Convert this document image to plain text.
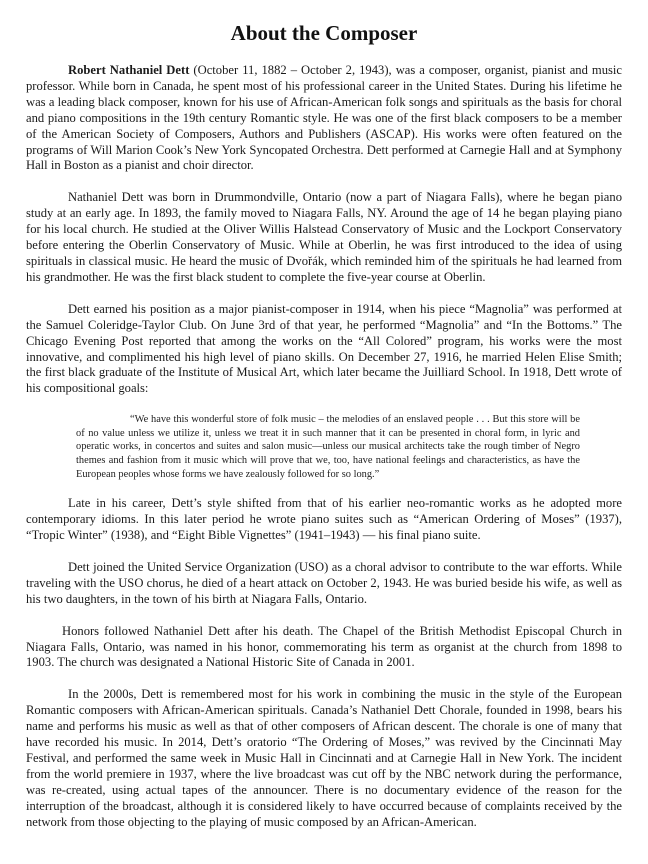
About the Composer

Robert Nathaniel Dett (October 11, 1882 – October 2, 1943), was a composer, organist, pianist and music professor. While born in Canada, he spent most of his professional career in the United States. During his lifetime he was a leading black composer, known for his use of African-American folk songs and spirituals as the basis for choral and piano compositions in the 19th century Romantic style. He was one of the first black composers to be a member of the American Society of Composers, Authors and Publishers (ASCAP). His works were often featured on the programs of Will Marion Cook’s New York Syncopated Orchestra. Dett performed at Carnegie Hall and at Symphony Hall in Boston as a pianist and choir director.

Nathaniel Dett was born in Drummondville, Ontario (now a part of Niagara Falls), where he began piano study at an early age. In 1893, the family moved to Niagara Falls, NY. Around the age of 14 he began playing piano for his local church. He studied at the Oliver Willis Halstead Conservatory of Music and the Lockport Conservatory before entering the Oberlin Conservatory of Music. While at Oberlin, he was first introduced to the idea of using spirituals in classical music. He heard the music of Dvořák, which reminded him of the spirituals he had learned from his grandmother. He was the first black student to complete the five-year course at Oberlin.

Dett earned his position as a major pianist-composer in 1914, when his piece “Magnolia” was performed at the Samuel Coleridge-Taylor Club. On June 3rd of that year, he performed “Magnolia” and “In the Bottoms.” The Chicago Evening Post reported that among the works on the “All Colored” program, his works were the most innovative, and complimented his high level of piano skills. On December 27, 1916, he married Helen Elise Smith; the first black graduate of the Institute of Musical Art, which later became the Juilliard School. In 1918, Dett wrote of his compositional goals:

“We have this wonderful store of folk music – the melodies of an enslaved people . . . But this store will be of no value unless we utilize it, unless we treat it in such manner that it can be presented in choral form, in lyric and operatic works, in concertos and suites and salon music—unless our musical architects take the rough timber of Negro themes and fashion from it music which will prove that we, too, have national feelings and characteristics, as have the European peoples whose forms we have zealously followed for so long.”

Late in his career, Dett’s style shifted from that of his earlier neo-romantic works as he adopted more contemporary idioms. In this later period he wrote piano suites such as “American Ordering of Moses” (1937), “Tropic Winter” (1938), and “Eight Bible Vignettes” (1941–1943) — his final piano suite.

Dett joined the United Service Organization (USO) as a choral advisor to contribute to the war efforts. While traveling with the USO chorus, he died of a heart attack on October 2, 1943. He was buried beside his wife, as well as his two daughters, in the town of his birth at Niagara Falls, Ontario.

Honors followed Nathaniel Dett after his death. The Chapel of the British Methodist Episcopal Church in Niagara Falls, Ontario, was named in his honor, commemorating his term as organist at the church from 1898 to 1903. The church was designated a National Historic Site of Canada in 2001.

In the 2000s, Dett is remembered most for his work in combining the music in the style of the European Romantic composers with African-American spirituals. Canada’s Nathaniel Dett Chorale, founded in 1998, bears his name and performs his music as well as that of other composers of African descent. The chorale is one of many that have recorded his music. In 2014, Dett’s oratorio “The Ordering of Moses,” was revived by the Cincinnati May Festival, and performed the same week in Music Hall in Cincinnati and at Carnegie Hall in New York. The incident from the world premiere in 1937, where the live broadcast was cut off by the NBC network during the performance, was re-created, using actual tapes of the announcer. There is no documentary evidence of the reason for the interruption of the broadcast, although it is considered likely to have occurred because of complaints received by the network from those objecting to the playing of music composed by an African-American.
